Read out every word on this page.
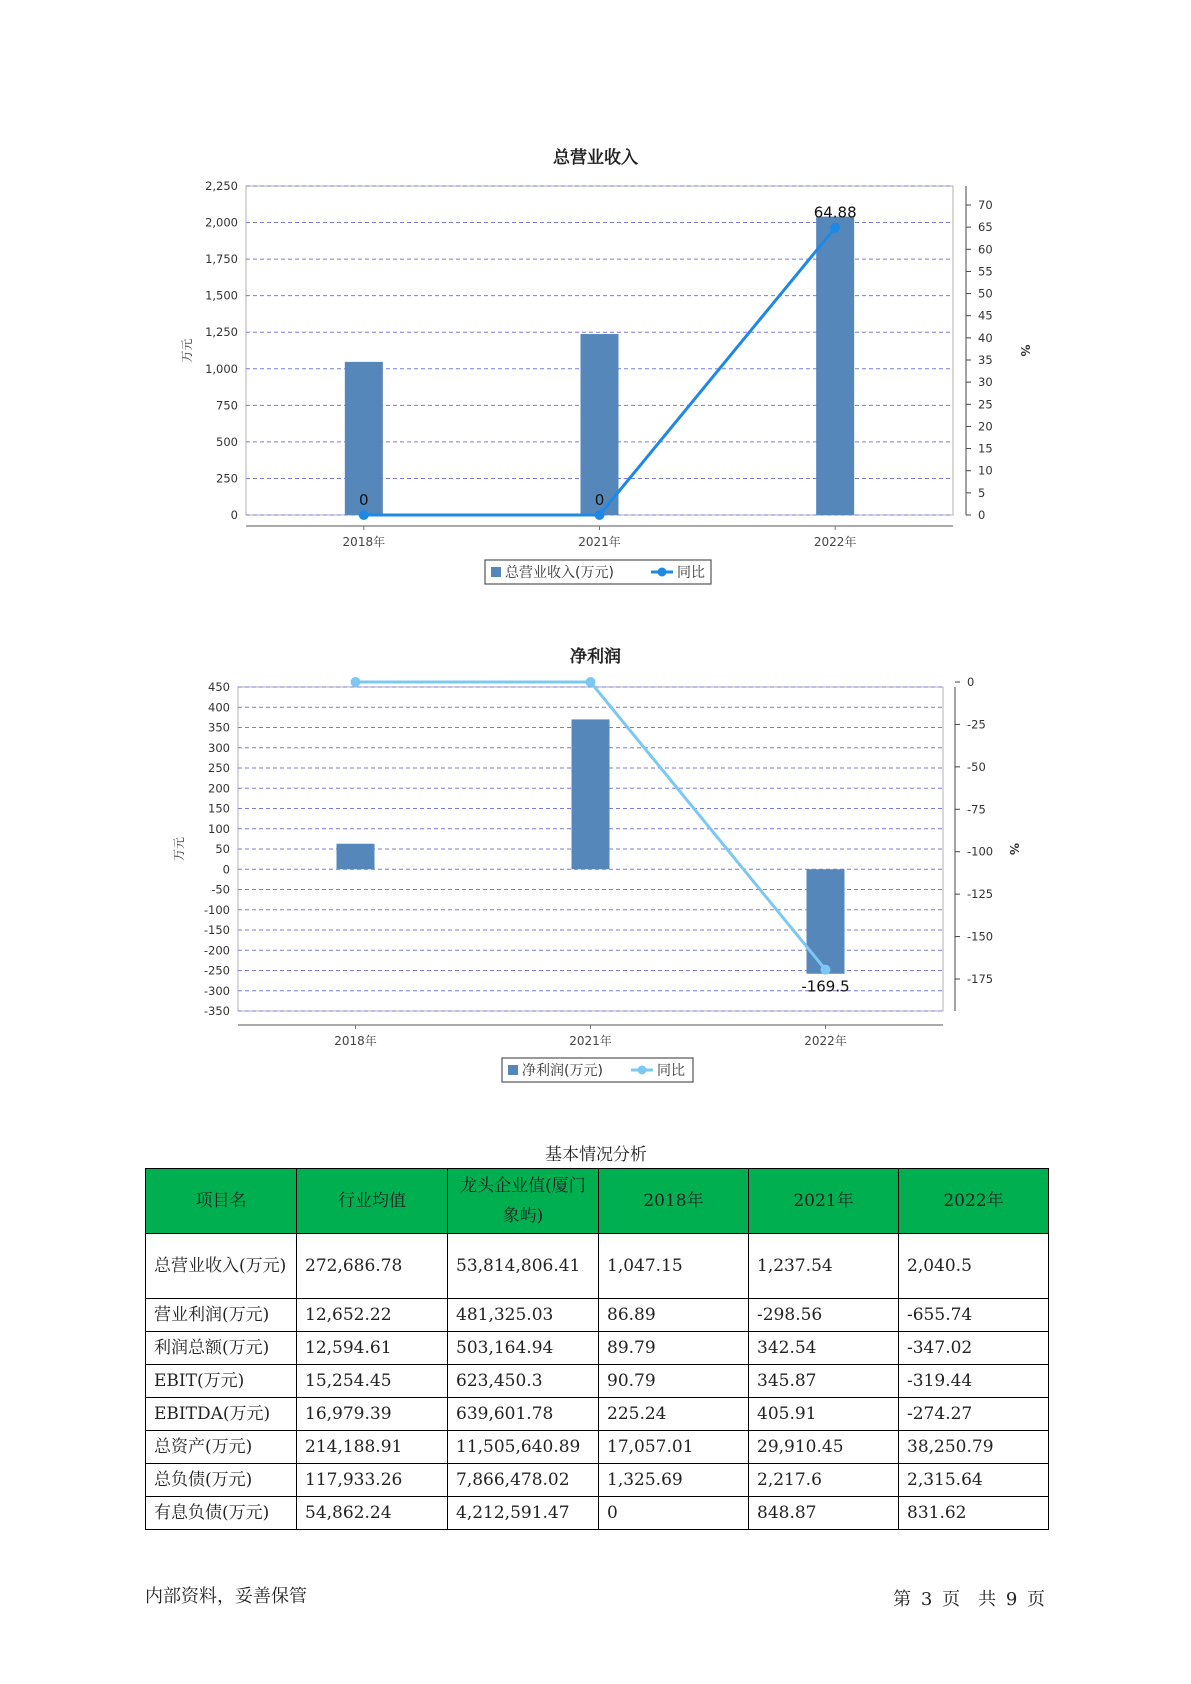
总营业收入
0
250
500
750
1,000
1,250
1,500
1,750
2,000
2,250
万元
0
5
10
15
20
25
30
35
40
45
50
55
60
65
70
%
2018年	2021年	2022年
0	0
64.88
总营业收入(万元)	同比
净利润
-350
-300
-250
-200
-150
-100
-50
0
50
100
150
200
250
300
350
400
450
万元
-175
-150
-125
-100
-75
-50
-25
0
%
2018年	2021年	2022年
-169.5
净利润(万元)	同比
基本情况分析
项目名	行业均值	龙头企业值(厦门象屿)	2018年	2021年	2022年
总营业收入(万元)	272,686.78	53,814,806.41	1,047.15	1,237.54	2,040.5
营业利润(万元)	12,652.22	481,325.03	86.89	-298.56	-655.74
利润总额(万元)	12,594.61	503,164.94	89.79	342.54	-347.02
EBIT(万元)	15,254.45	623,450.3	90.79	345.87	-319.44
EBITDA(万元)	16,979.39	639,601.78	225.24	405.91	-274.27
总资产(万元)	214,188.91	11,505,640.89	17,057.01	29,910.45	38,250.79
总负债(万元)	117,933.26	7,866,478.02	1,325.69	2,217.6	2,315.64
有息负债(万元)	54,862.24	4,212,591.47	0	848.87	831.62
内部资料，妥善保管	第 3 页　共 9 页
